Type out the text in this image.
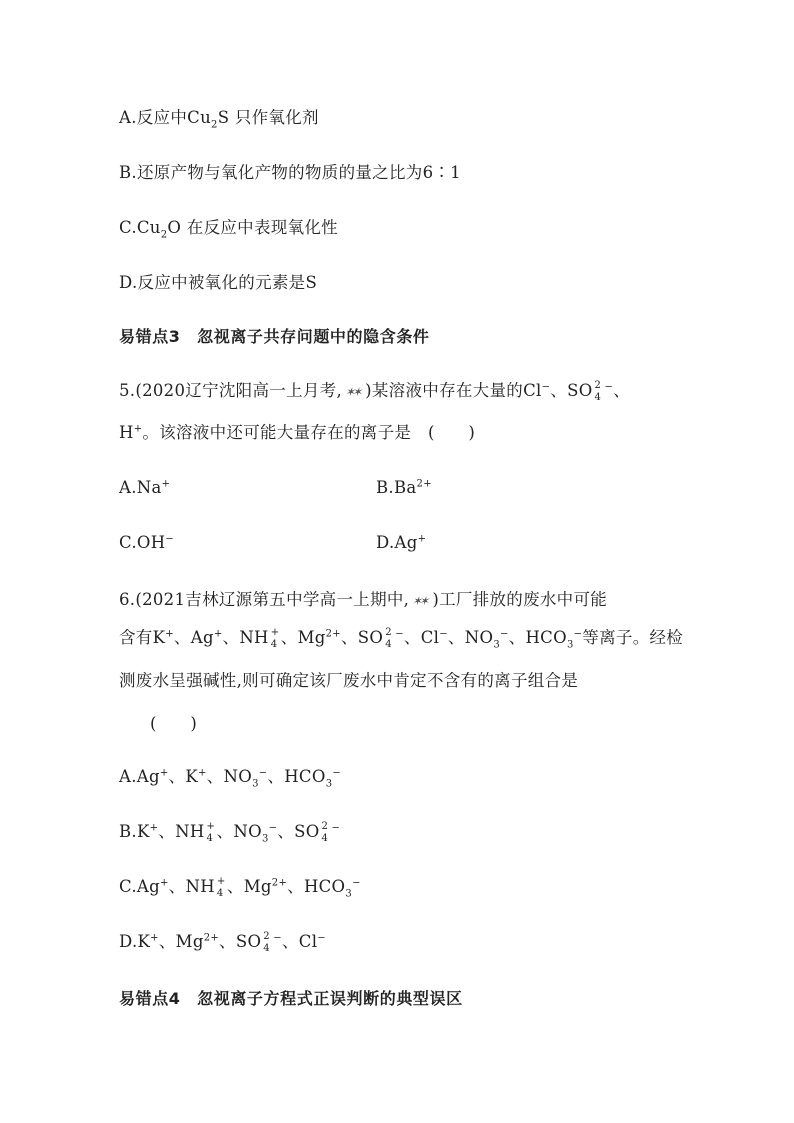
A.反应中$Cu_2S$ 只作氧化剂
B.还原产物与氧化产物的物质的量之比为6∶1
$C.Cu_2O$ 在反应中表现氧化性
D.反应中被氧化的元素是S
易错点3　忽视离子共存问题中的隐含条件
5.(2020辽宁沈阳高一上月考, ✶✶ )某溶液中存在大量的Cl−、SO 2
4
−、
H+。该溶液中还可能大量存在的离子是　(　　)
A.Na+	$B.Ba^{2+}$
C.OH−	D.Ag+
6.(2021吉林辽源第五中学高一上期中, ✶✶ )工厂排放的废水中可能
含有K+、Ag+、NH +
4 、$Mg^{2+}$、SO 2
4
−、Cl−、$NO_3^-$、$HCO_3^-$等离子。经检
测废水呈强碱性,则可确定该厂废水中肯定不含有的离子组合是
(　　)
A.Ag+、K+、$NO_3^-$、$HCO_3^-$
B.K+、NH +
4 、$NO_3^-$、SO 2
4
−
C.Ag+、NH +
4 、$Mg^{2+}$、$HCO_3^-$
D.K+、$Mg^{2+}$、SO 2
4
−、Cl−
易错点4　忽视离子方程式正误判断的典型误区
